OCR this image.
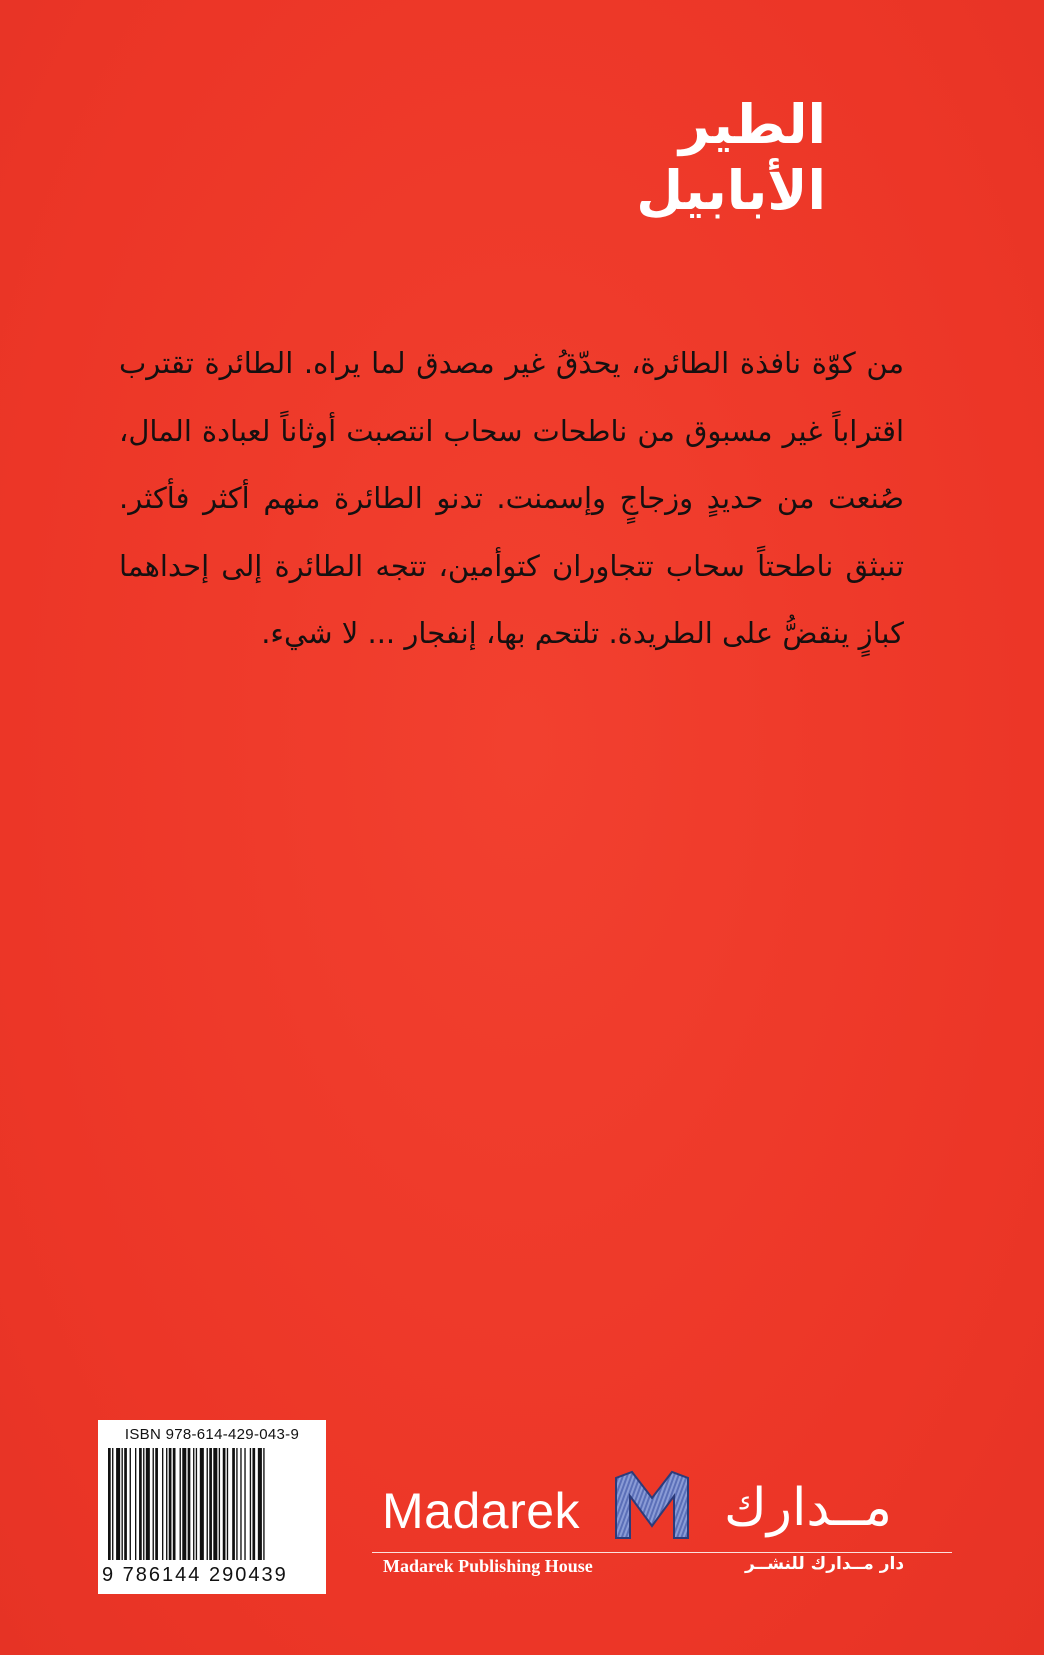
الطير
الأبابيل
من كوّة نافذة الطائرة، يحدّقُ غير مصدق لما يراه. الطائرة تقترب اقتراباً غير مسبوق من ناطحات سحاب انتصبت أوثاناً لعبادة المال، صُنعت من حديدٍ وزجاجٍ وإسمنت. تدنو الطائرة منهم أكثر فأكثر. تنبثق ناطحتاً سحاب تتجاوران كتوأمين، تتجه الطائرة إلى إحداهما كبازٍ ينقضُّ على الطريدة. تلتحم بها، إنفجار ... لا شيء.
ISBN 978-614-429-043-9
9 786144 290439
Madarek	مــدارك
Madarek Publishing House	دار مــدارك للنشــر
